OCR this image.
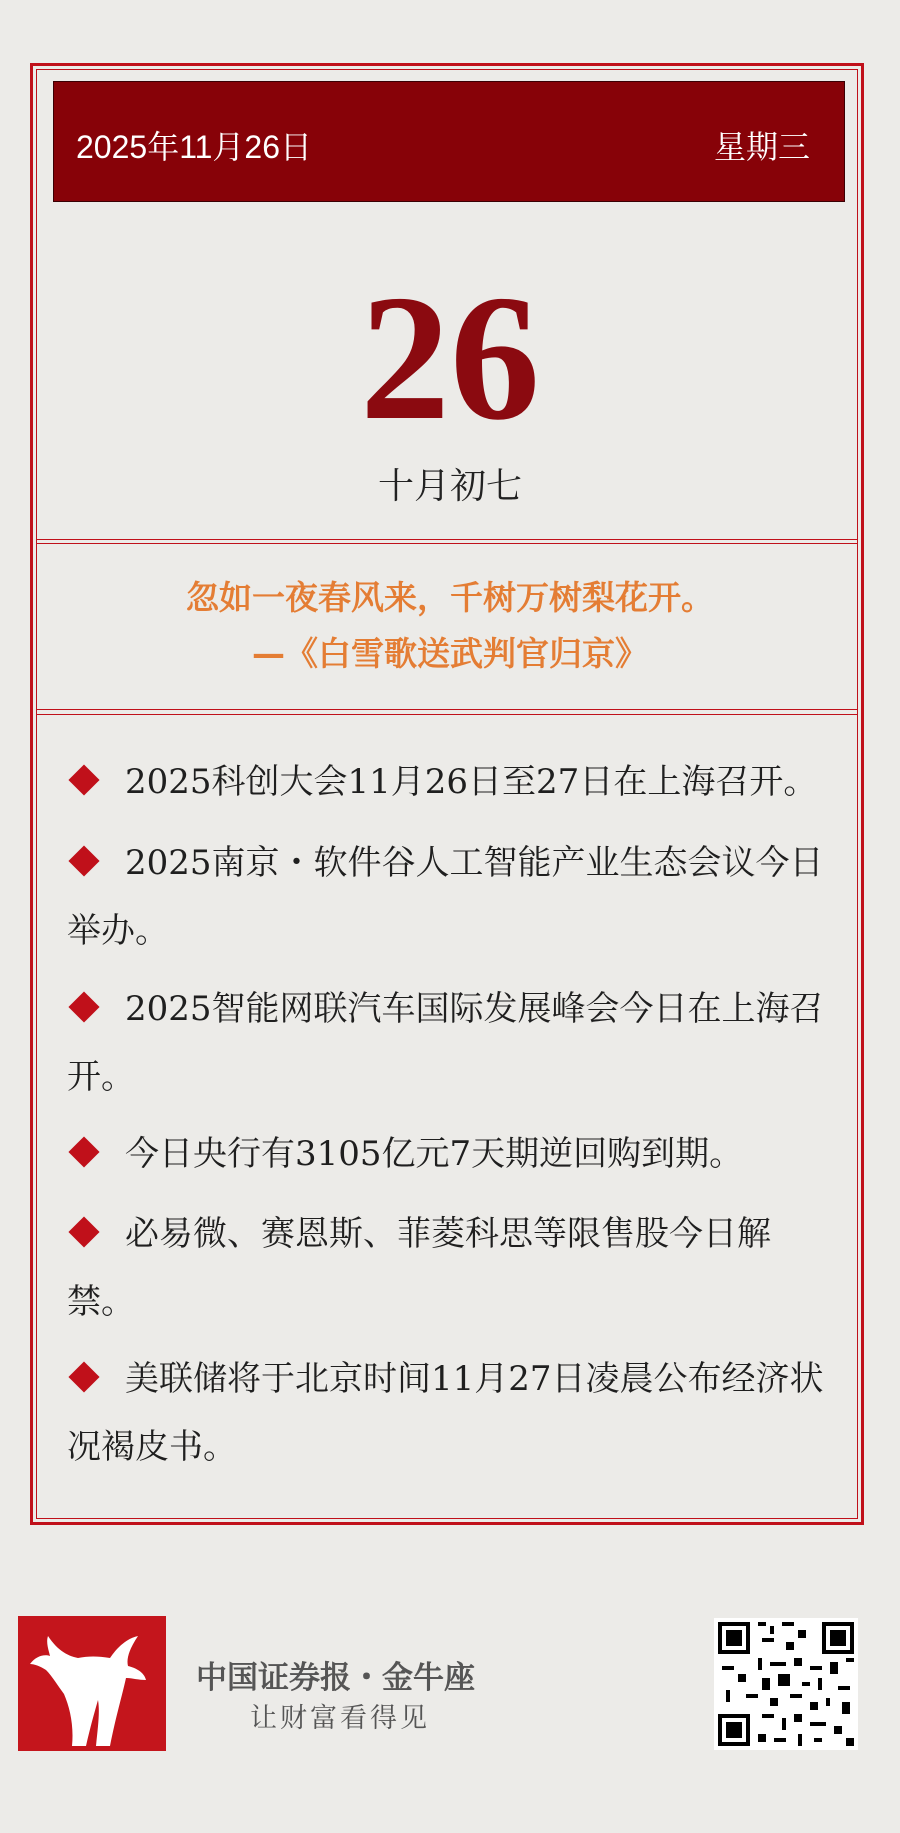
2025年11月26日	星期三
26
十月初七
忽如一夜春风来，千树万树梨花开。
—《白雪歌送武判官归京》
2025科创大会11月26日至27日在上海召开。
2025南京・软件谷人工智能产业生态会议今日举办。
2025智能网联汽车国际发展峰会今日在上海召开。
今日央行有3105亿元7天期逆回购到期。
必易微、赛恩斯、菲菱科思等限售股今日解禁。
美联储将于北京时间11月27日凌晨公布经济状况褐皮书。
中国证券报・金牛座
让财富看得见
